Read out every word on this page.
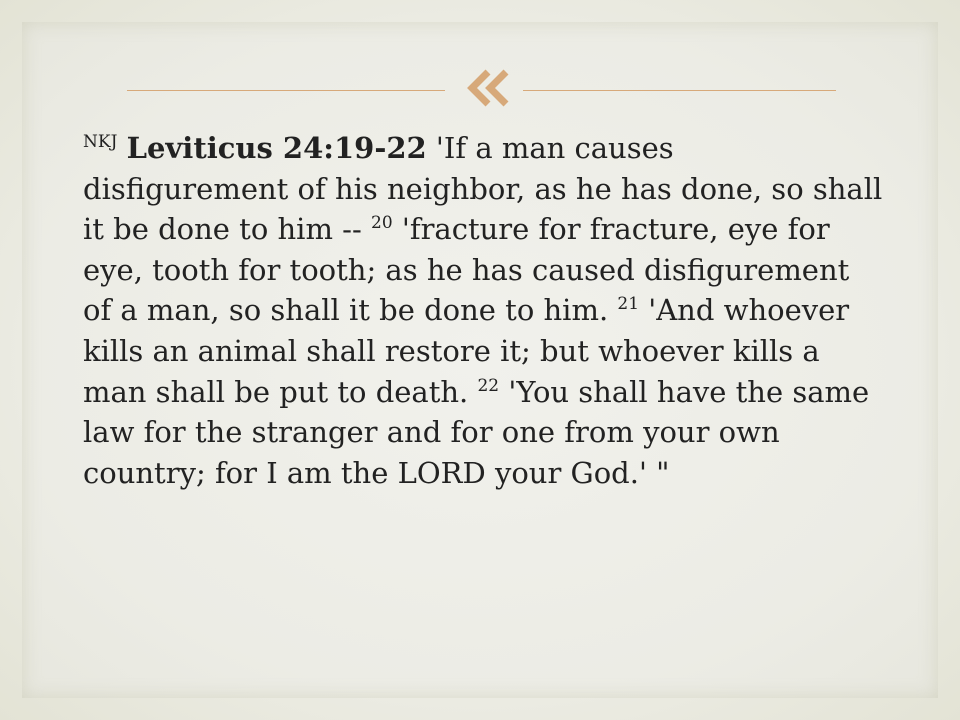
$^{NKJ}$ Leviticus 24:19-22 'If a man causes disfigurement of his neighbor, as he has done, so shall it be done to him -- $^{20}$ 'fracture for fracture, eye for eye, tooth for tooth; as he has caused disfigurement of a man, so shall it be done to him. $^{21}$ 'And whoever kills an animal shall restore it; but whoever kills a man shall be put to death. $^{22}$ 'You shall have the same law for the stranger and for one from your own country; for I am the LORD your God.' "
